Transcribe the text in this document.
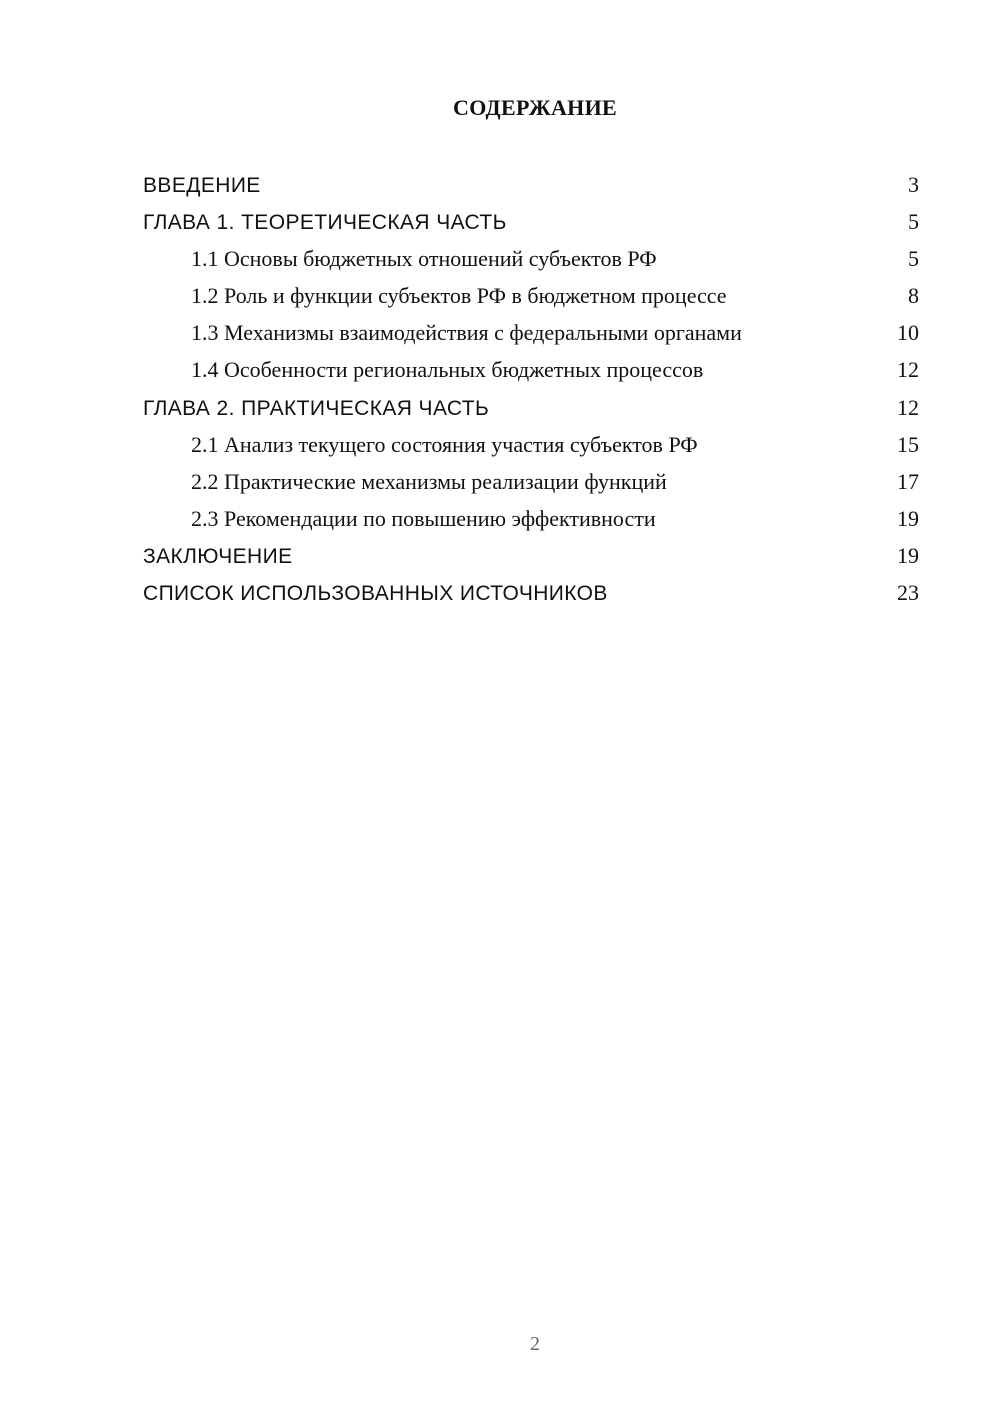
СОДЕРЖАНИЕ
ВВЕДЕНИЕ	3
ГЛАВА 1. ТЕОРЕТИЧЕСКАЯ ЧАСТЬ	5
1.1 Основы бюджетных отношений субъектов РФ	5
1.2 Роль и функции субъектов РФ в бюджетном процессе	8
1.3 Механизмы взаимодействия с федеральными органами	10
1.4 Особенности региональных бюджетных процессов	12
ГЛАВА 2. ПРАКТИЧЕСКАЯ ЧАСТЬ	12
2.1 Анализ текущего состояния участия субъектов РФ	15
2.2 Практические механизмы реализации функций	17
2.3 Рекомендации по повышению эффективности	19
ЗАКЛЮЧЕНИЕ	19
СПИСОК ИСПОЛЬЗОВАННЫХ ИСТОЧНИКОВ	23
2
